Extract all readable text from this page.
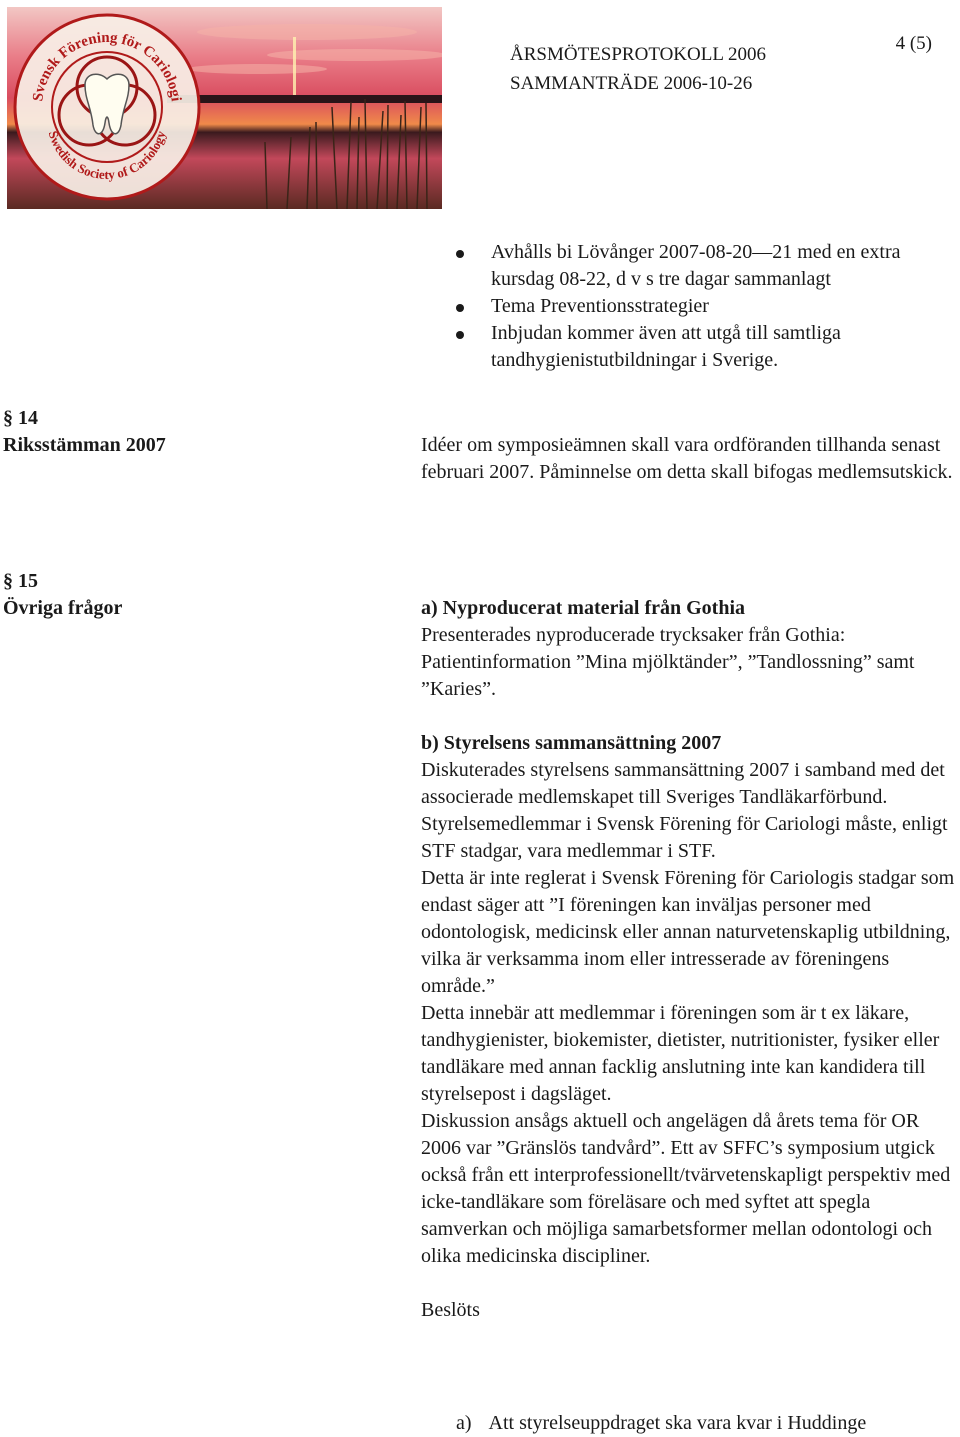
Svensk Förening för Cariologi
Swedish Society of Cariology
ÅRSMÖTESPROTOKOLL 2006
SAMMANTRÄDE 2006-10-26
4 (5)
Avhålls bi Lövånger 2007-08-20—21 med en extra kursdag 08-22, d v s tre dagar sammanlagt
Tema Preventionsstrategier
Inbjudan kommer även att utgå till samtliga tandhygienistutbildningar i Sverige.
§ 14
Riksstämman 2007	Idéer om symposieämnen skall vara ordföranden tillhanda senast februari 2007. Påminnelse om detta skall bifogas medlemsutskick.

§ 15
Övriga frågor	a) Nyproducerat material från Gothia

Presenterades nyproducerade trycksaker från Gothia: Patientinformation ”Mina mjölktänder”, ”Tandlossning” samt ”Karies”.

b) Styrelsens sammansättning 2007

Diskuterades styrelsens sammansättning 2007 i samband med det associerade medlemskapet till Sveriges Tandläkarförbund.

Styrelsemedlemmar i Svensk Förening för Cariologi måste, enligt STF stadgar, vara medlemmar i STF.

Detta är inte reglerat i Svensk Förening för Cariologis stadgar som endast säger att ”I föreningen kan inväljas personer med odontologisk, medicinsk eller annan naturvetenskaplig utbildning, vilka är verksamma inom eller intresserade av föreningens område.”

Detta innebär att medlemmar i föreningen som är t ex läkare, tandhygienister, biokemister, dietister, nutritionister, fysiker eller tandläkare med annan facklig anslutning inte kan kandidera till styrelsepost i dagsläget.

Diskussion ansågs aktuell och angelägen då årets tema för OR 2006 var ”Gränslös tandvård”. Ett av SFFC’s symposium utgick också från ett interprofessionellt/tvärvetenskapligt perspektiv med icke-tandläkare som föreläsare och med syftet att spegla samverkan och möjliga samarbetsformer mellan odontologi och olika medicinska discipliner.

Beslöts

a) Att styrelseuppdraget ska vara kvar i Huddinge
